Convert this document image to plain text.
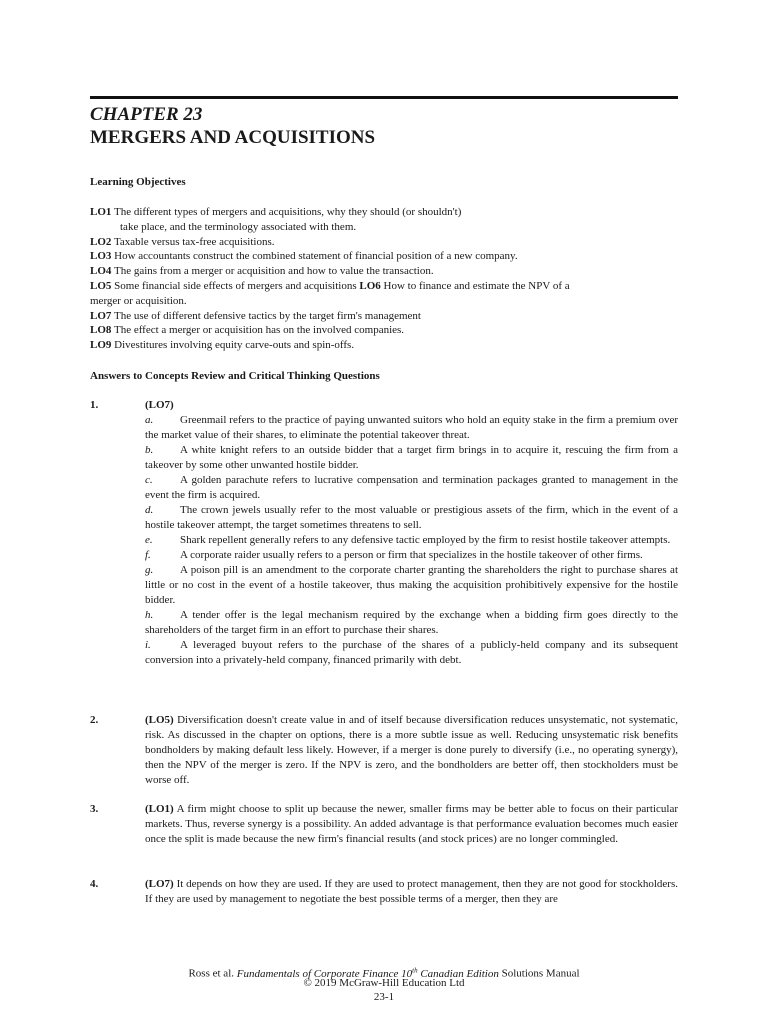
CHAPTER 23
MERGERS AND ACQUISITIONS
Learning Objectives
LO1 The different types of mergers and acquisitions, why they should (or shouldn't)
take place, and the terminology associated with them.
LO2 Taxable versus tax-free acquisitions.
LO3 How accountants construct the combined statement of financial position of a new company.
LO4 The gains from a merger or acquisition and how to value the transaction.
LO5 Some financial side effects of mergers and acquisitions LO6 How to finance and estimate the NPV of a
merger or acquisition.
LO7 The use of different defensive tactics by the target firm's management
LO8 The effect a merger or acquisition has on the involved companies.
LO9 Divestitures involving equity carve-outs and spin-offs.
Answers to Concepts Review and Critical Thinking Questions
1.	(LO7)
a. Greenmail refers to the practice of paying unwanted suitors who hold an equity stake in the firm a premium over the market value of their shares, to eliminate the potential takeover threat.
b. A white knight refers to an outside bidder that a target firm brings in to acquire it, rescuing the firm from a takeover by some other unwanted hostile bidder.
c. A golden parachute refers to lucrative compensation and termination packages granted to management in the event the firm is acquired.
d. The crown jewels usually refer to the most valuable or prestigious assets of the firm, which in the event of a hostile takeover attempt, the target sometimes threatens to sell.
e. Shark repellent generally refers to any defensive tactic employed by the firm to resist hostile takeover attempts.
f.	A corporate raider usually refers to a person or firm that specializes in the hostile takeover of other firms.
g. A poison pill is an amendment to the corporate charter granting the shareholders the right to purchase shares at little or no cost in the event of a hostile takeover, thus making the acquisition prohibitively expensive for the hostile bidder.
h. A tender offer is the legal mechanism required by the exchange when a bidding firm goes directly to the shareholders of the target firm in an effort to purchase their shares.
i.	A leveraged buyout refers to the purchase of the shares of a publicly-held company and its subsequent conversion into a privately-held company, financed primarily with debt.
2.	(LO5) Diversification doesn't create value in and of itself because diversification reduces unsystematic, not systematic, risk. As discussed in the chapter on options, there is a more subtle issue as well. Reducing unsystematic risk benefits bondholders by making default less likely. However, if a merger is done purely to diversify (i.e., no operating synergy), then the NPV of the merger is zero. If the NPV is zero, and the bondholders are better off, then stockholders must be worse off.
3.	(LO1) A firm might choose to split up because the newer, smaller firms may be better able to focus on their particular markets. Thus, reverse synergy is a possibility. An added advantage is that performance evaluation becomes much easier once the split is made because the new firm's financial results (and stock prices) are no longer commingled.
4.	(LO7) It depends on how they are used. If they are used to protect management, then they are not good for stockholders. If they are used by management to negotiate the best possible terms of a merger, then they are
Ross et al. Fundamentals of Corporate Finance 10th Canadian Edition Solutions Manual
© 2019 McGraw-Hill Education Ltd
23-1
